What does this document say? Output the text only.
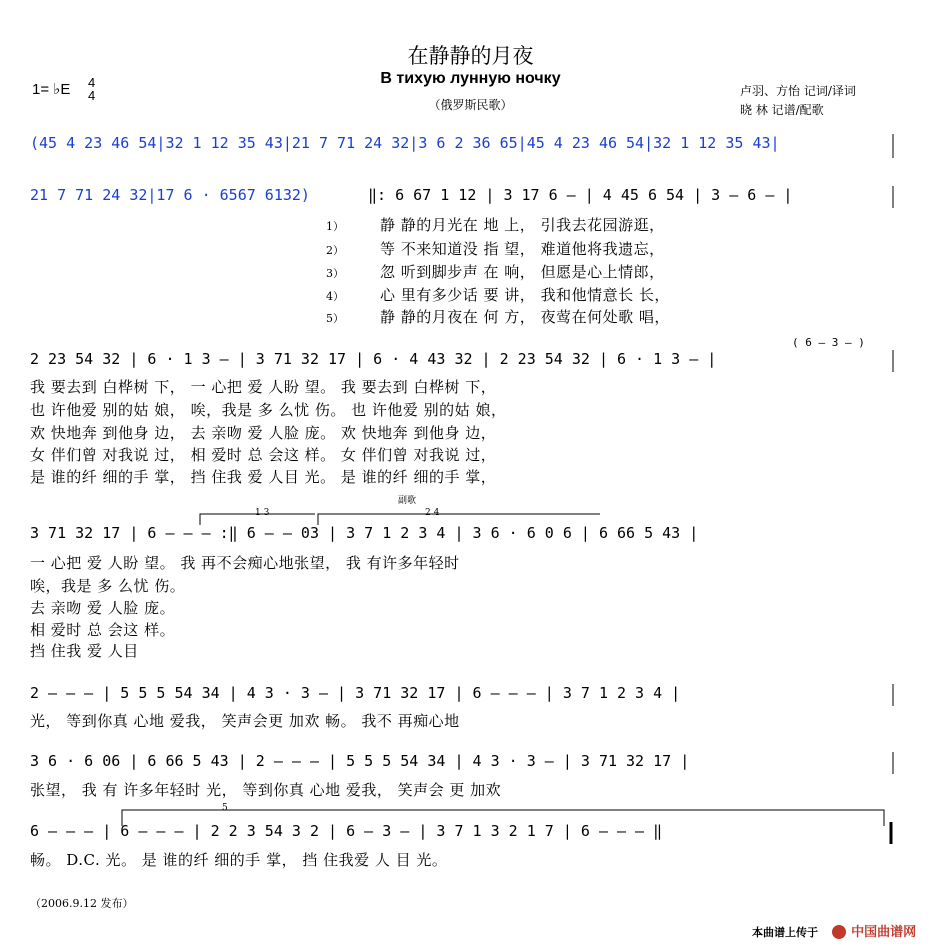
在静静的月夜
В тихую лунную ночку
（俄罗斯民歌）
1= ♭E 4
4	卢羽、方怡 记词/译词
晓 林 记谱/配歌
(45 4 23 46 54|32 1 12 35 43|21 7 71 24 32|3 6 2 36 65|45 4 23 46 54|32 1 12 35 43|
21 7 71 24 32|17 6 · 6567 6132)	‖: 6 67 1 12 | 3 17 6 – | 4 45 6 54 | 3 – 6 – |
1）
2）
3）
4）
5）
静 静的月光在 地 上， 引我去花园游逛，
等 不来知道没 指 望， 难道他将我遗忘，
忽 听到脚步声 在 响， 但愿是心上情郎，
心 里有多少话 要 讲， 我和他情意长 长，
静 静的月夜在 何 方， 夜莺在何处歌 唱，
( 6 – 3 – )
2 23 54 32 | 6 · 1 3 – | 3 71 32 17 | 6 · 4 43 32 | 2 23 54 32 | 6 · 1 3 – |
我 要去到 白桦树 下， 一 心把 爱 人盼 望。 我 要去到 白桦树 下，
也 许他爱 别的姑 娘， 唉，我是 多 么忧 伤。 也 许他爱 别的姑 娘，
欢 快地奔 到他身 边， 去 亲吻 爱 人脸 庞。 欢 快地奔 到他身 边，
女 伴们曾 对我说 过， 相 爱时 总 会这 样。 女 伴们曾 对我说 过，
是 谁的纤 细的手 掌， 挡 住我 爱 人目 光。 是 谁的纤 细的手 掌，
1 3
副歌
2 4
3 71 32 17 | 6 – – – :‖ 6 – – 03 | 3 7 1 2 3 4 | 3 6 · 6 0 6 | 6 66 5 43 |
一 心把 爱 人盼 望。 我 再不会痴心地张望， 我 有许多年轻时
唉，我是 多 么忧 伤。
去 亲吻 爱 人脸 庞。
相 爱时 总 会这 样。
挡 住我 爱 人目
2 – – – | 5 5 5 54 34 | 4 3 · 3 – | 3 71 32 17 | 6 – – – | 3 7 1 2 3 4 |
光， 等到你真 心地 爱我， 笑声会更 加欢 畅。 我不 再痴心地
3 6 · 6 06 | 6 66 5 43 | 2 – – – | 5 5 5 54 34 | 4 3 · 3 – | 3 71 32 17 |
张望， 我 有 许多年轻时 光， 等到你真 心地 爱我， 笑声会 更 加欢
5
6 – – – | 6 – – – | 2 2 3 54 3 2 | 6 – 3 – | 3 7 1 3 2 1 7 | 6 – – – ‖
畅。 D.C. 光。 是 谁的纤 细的手 掌， 挡 住我爱 人 目 光。
（2006.9.12 发布）
本曲谱上传于	中国曲谱网
